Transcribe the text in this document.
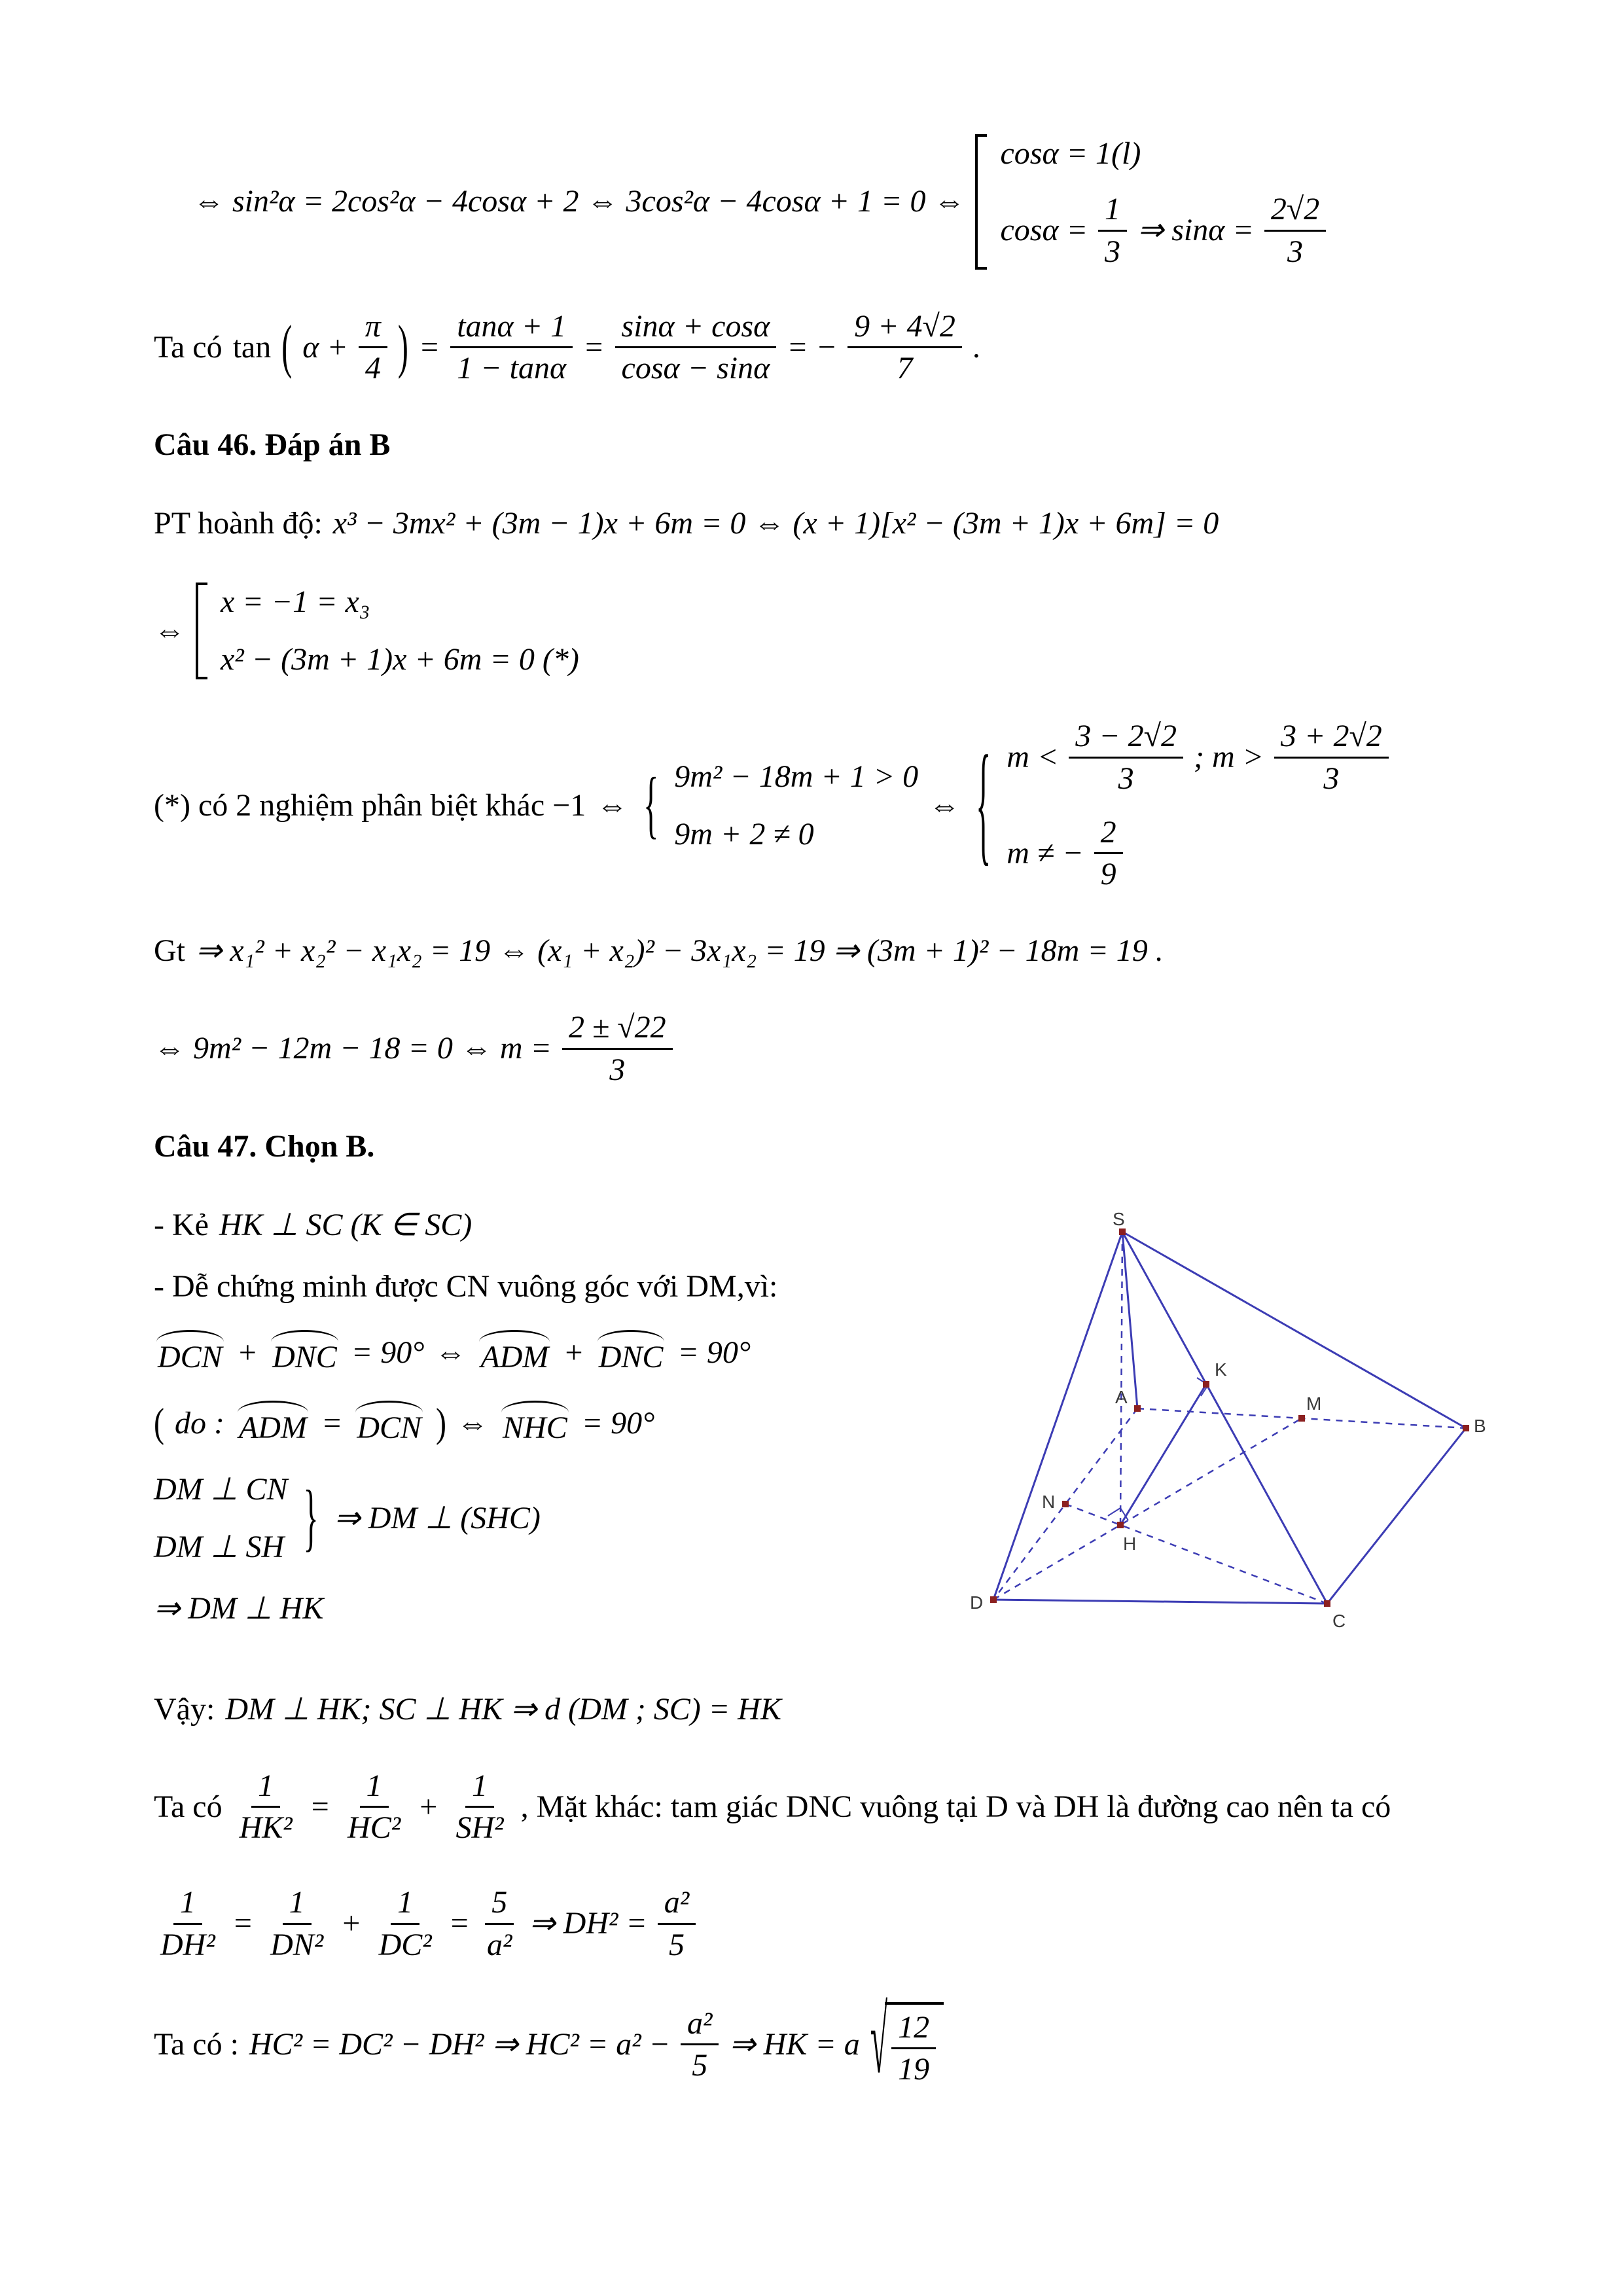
⇔ sin²α = 2cos²α − 4cosα + 2 ⇔ 3cos²α − 4cosα + 1 = 0 ⇔
cosα = 1(l)
$\cos\alpha = \frac{1}{3}$ ⇒ $\sin\alpha = \frac{2√2}{3}$
Ta có tan ( $\alpha + \frac{\pi}{4}$ ) = $\frac{\tan\alpha + 1}{1 - \tan\alpha} = \frac{\sin\alpha + \cos\alpha}{\cos\alpha - \sin\alpha}$ = − $\frac{9 + 4√2}{7}$ .
Câu 46. Đáp án B
PT hoành độ: x³ − 3mx² + (3m − 1)x + 6m = 0 ⇔ (x + 1)[x² − (3m + 1)x + 6m] = 0
⇔
x = −1 = x₃
x² − (3m + 1)x + 6m = 0 (*)
(*) có 2 nghiệm phân biệt khác −1 ⇔ { 9m² − 18m + 1 > 0
9m + 2 ≠ 0
⇔ { $m < \frac{3 - 2√2}{3}$ ; $m > \frac{3 + 2√2}{3}$
m ≠ − $\frac{2}{9}$
Gt ⇒ x₁² + x₂² − x₁x₂ = 19 ⇔ (x₁ + x₂)² − 3x₁x₂ = 19 ⇒ (3m + 1)² − 18m = 19 .
⇔ 9m² − 12m − 18 = 0 ⇔ $m = \frac{2 \pm √22}{3}$
Câu 47. Chọn B.
- Kẻ HK ⊥ SC (K ∈ SC)
- Dễ chứng minh được CN vuông góc với DM,vì:
DCN + DNC = 90° ⇔ ADM + DNC = 90°
( do : ADM = DCN ) ⇔ NHC = 90°
DM ⊥ CN
DM ⊥ SH } ⇒ DM ⊥ (SHC)
⇒ DM ⊥ HK
S
A
B
C
D
K
M
N
H
Vậy: DM ⊥ HK; SC ⊥ HK ⇒ d (DM ; SC) = HK
Ta có $\frac{1}{\text{HK²}} = \frac{1}{\text{HC²}} + \frac{1}{\text{SH²}}$ , Mặt khác: tam giác DNC vuông tại D và DH là đường cao nên ta có
$\frac{1}{\text{DH²}} = \frac{1}{\text{DN²}} + \frac{1}{\text{DC²}} = \frac{5}{\text{a²}}$ ⇒ $DH^2 = \frac{\text{a²}}{5}$
Ta có : HC² = DC² − DH² ⇒ $HC^2 = a^2 - \frac{\text{a²}}{5}$ ⇒ HK = a √ $\frac{12}{19}$
